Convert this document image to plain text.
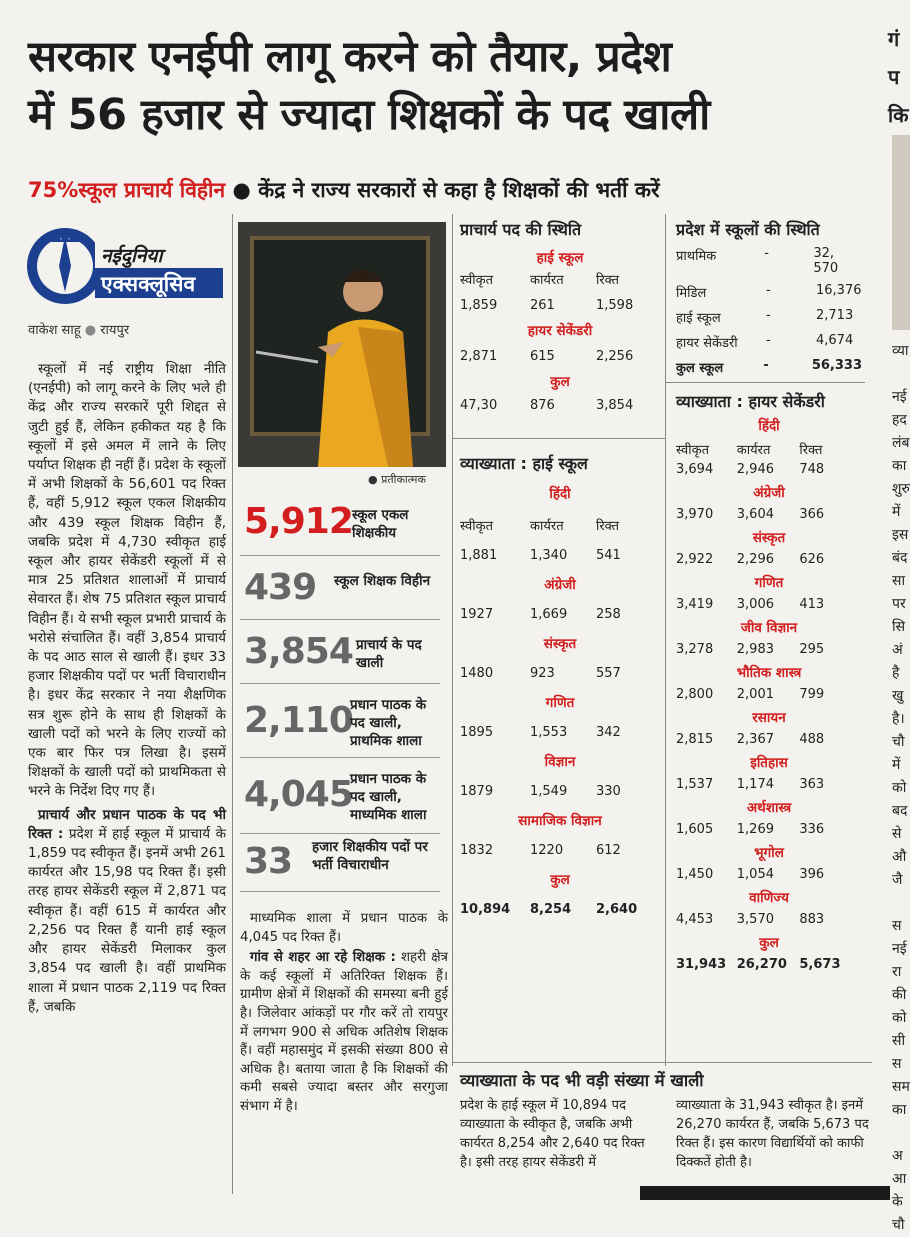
सरकार एनईपी लागू करने को तैयार, प्रदेश
में 56 हजार से ज्यादा शिक्षकों के पद खाली
75%स्कूल प्राचार्य विहीन ● केंद्र ने राज्य सरकारों से कहा है शिक्षकों की भर्ती करें
गं
प
कि
व्या
नई
हद
लंब
का
शुरु
में
इस
बंद
सा
पर
सि
अं
है
खु
है।
चौ
में
को
बद
से
औ
जै
स
नई
रा
की
को
सी
स
सम
का
अ
आ
के
चौ
नईदुनिया
एक्सक्लूसिव
वाकेश साहू ● रायपुर

स्कूलों में नई राष्ट्रीय शिक्षा नीति (एनईपी) को लागू करने के लिए भले ही केंद्र और राज्य सरकारें पूरी शिद्दत से जुटी हुई हैं, लेकिन हकीकत यह है कि स्कूलों में इसे अमल में लाने के लिए पर्याप्त शिक्षक ही नहीं हैं। प्रदेश के स्कूलों में अभी शिक्षकों के 56,601 पद रिक्त हैं, वहीं 5,912 स्कूल एकल शिक्षकीय और 439 स्कूल शिक्षक विहीन हैं, जबकि प्रदेश में 4,730 स्वीकृत हाई स्कूल और हायर सेकेंडरी स्कूलों में से मात्र 25 प्रतिशत शालाओं में प्राचार्य सेवारत हैं। शेष 75 प्रतिशत स्कूल प्राचार्य विहीन हैं। ये सभी स्कूल प्रभारी प्राचार्य के भरोसे संचालित हैं। वहीं 3,854 प्राचार्य के पद आठ साल से खाली हैं। इधर 33 हजार शिक्षकीय पदों पर भर्ती विचाराधीन है। इधर केंद्र सरकार ने नया शैक्षणिक सत्र शुरू होने के साथ ही शिक्षकों के खाली पदों को भरने के लिए राज्यों को एक बार फिर पत्र लिखा है। इसमें शिक्षकों के खाली पदों को प्राथमिकता से भरने के निर्देश दिए गए हैं।

प्राचार्य और प्रधान पाठक के पद भी रिक्त : प्रदेश में हाई स्कूल में प्राचार्य के 1,859 पद स्वीकृत हैं। इनमें अभी 261 कार्यरत और 15,98 पद रिक्त हैं। इसी तरह हायर सेकेंडरी स्कूल में 2,871 पद स्वीकृत हैं। वहीं 615 में कार्यरत और 2,256 पद रिक्त हैं यानी हाई स्कूल और हायर सेकेंडरी मिलाकर कुल 3,854 पद खाली है। वहीं प्राथमिक शाला में प्रधान पाठक 2,119 पद रिक्त हैं, जबकि

● प्रतीकात्मक
5,912 स्कूल एकल शिक्षकीय
439 स्कूल शिक्षक विहीन
3,854 प्राचार्य के पद खाली
2,110
प्रधान पाठक के पद खाली, प्राथमिक शाला
4,045
प्रधान पाठक के पद खाली, माध्यमिक शाला
33 हजार शिक्षकीय पदों पर भर्ती विचाराधीन

माध्यमिक शाला में प्रधान पाठक के 4,045 पद रिक्त हैं।

गांव से शहर आ रहे शिक्षक : शहरी क्षेत्र के कई स्कूलों में अतिरिक्त शिक्षक हैं। ग्रामीण क्षेत्रों में शिक्षकों की समस्या बनी हुई है। जिलेवार आंकड़ों पर गौर करें तो रायपुर में लगभग 900 से अधिक अतिशेष शिक्षक हैं। वहीं महासमुंद में इसकी संख्या 800 से अधिक है। बताया जाता है कि शिक्षकों की कमी सबसे ज्यादा बस्तर और सरगुजा संभाग में है।

प्राचार्य पद की स्थिति
हाई स्कूल
स्वीकृत	कार्यरत	रिक्त
1,859	261	1,598
हायर सेकेंडरी
2,871	615	2,256
कुल
47,30	876	3,854
व्याख्याता : हाई स्कूल
हिंदी
स्वीकृत	कार्यरत	रिक्त
1,881	1,340	541
अंग्रेजी
1927	1,669	258
संस्कृत
1480	923	557
गणित
1895	1,553	342
विज्ञान
1879	1,549	330
सामाजिक विज्ञान
1832	1220	612
कुल
10,894	8,254	2,640
प्रदेश में स्कूलों की स्थिति
प्राथमिक	-	32, 570
मिडिल	-	16,376
हाई स्कूल	-	2,713
हायर सेकेंडरी	-	4,674
कुल स्कूल	-	56,333
व्याख्याता : हायर सेकेंडरी
हिंदी
स्वीकृत	कार्यरत	रिक्त
3,694	2,946	748
अंग्रेजी
3,970	3,604	366
संस्कृत
2,922	2,296	626
गणित
3,419	3,006	413
जीव विज्ञान
3,278	2,983	295
भौतिक शास्त्र
2,800	2,001	799
रसायन
2,815	2,367	488
इतिहास
1,537	1,174	363
अर्थशास्त्र
1,605	1,269	336
भूगोल
1,450	1,054	396
वाणिज्य
4,453	3,570	883
कुल
31,943 26,270 5,673
व्याख्याता के पद भी वड़ी संख्या में खाली
प्रदेश के हाई स्कूल में 10,894 पद व्याख्याता के स्वीकृत है, जबकि अभी कार्यरत 8,254 और 2,640 पद रिक्त है। इसी तरह हायर सेकेंडरी में
व्याख्याता के 31,943 स्वीकृत है। इनमें 26,270 कार्यरत हैं, जबकि 5,673 पद रिक्त हैं। इस कारण विद्यार्थियों को काफी दिक्कतें होती है।
